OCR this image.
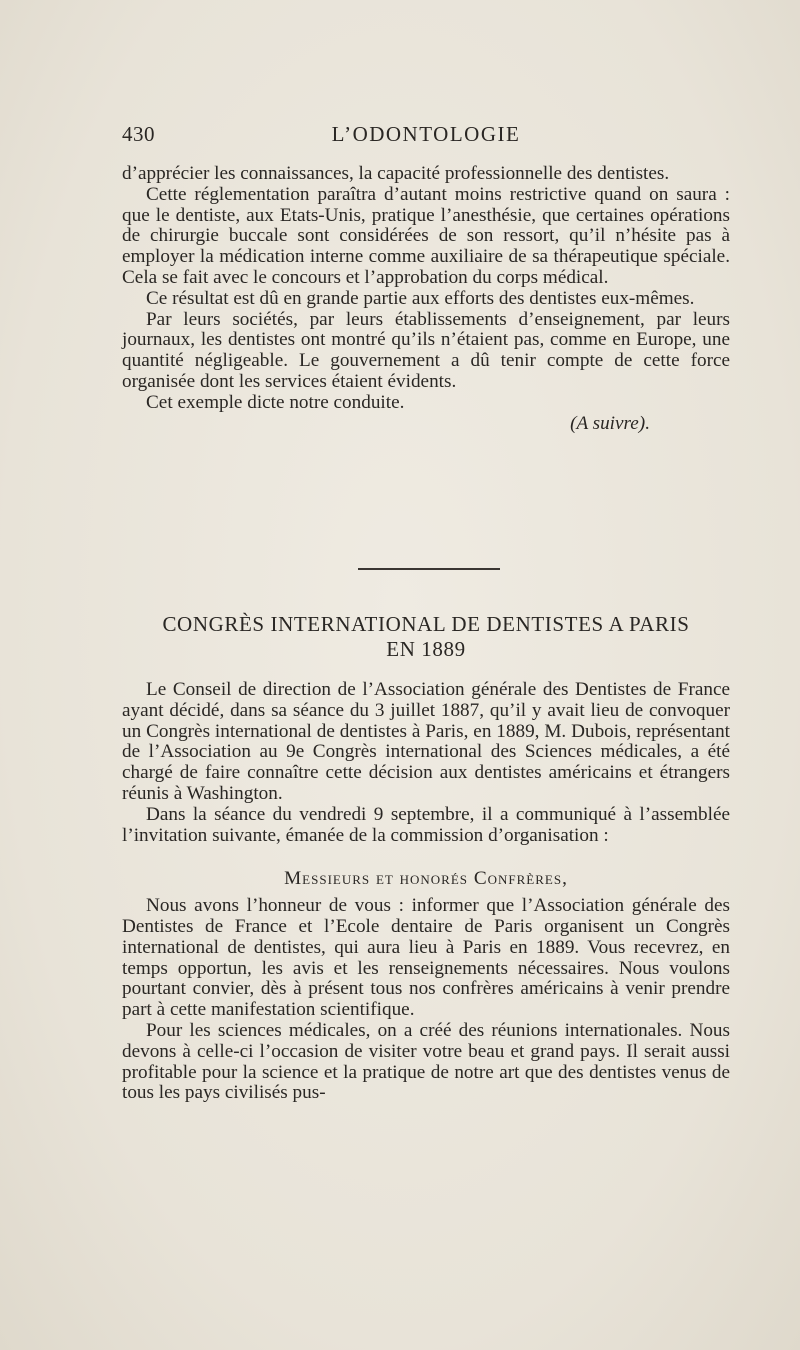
430	L’ODONTOLOGIE

d’apprécier les connaissances, la capacité professionnelle des dentistes.

Cette réglementation paraîtra d’autant moins restrictive quand on saura : que le dentiste, aux Etats-Unis, pratique l’anesthésie, que certaines opérations de chirurgie buccale sont considérées de son ressort, qu’il n’hésite pas à employer la médication interne comme auxiliaire de sa thérapeutique spéciale. Cela se fait avec le concours et l’approbation du corps médical.

Ce résultat est dû en grande partie aux efforts des dentistes eux-mêmes.

Par leurs sociétés, par leurs établissements d’enseignement, par leurs journaux, les dentistes ont montré qu’ils n’étaient pas, comme en Europe, une quantité négligeable. Le gouvernement a dû tenir compte de cette force organisée dont les services étaient évidents.

Cet exemple dicte notre conduite.

(A suivre).

CONGRÈS INTERNATIONAL DE DENTISTES A PARIS
EN 1889

Le Conseil de direction de l’Association générale des Dentistes de France ayant décidé, dans sa séance du 3 juillet 1887, qu’il y avait lieu de convoquer un Congrès international de dentistes à Paris, en 1889, M. Dubois, représentant de l’Association au 9e Congrès international des Sciences médicales, a été chargé de faire connaître cette décision aux dentistes américains et étrangers réunis à Washington.

Dans la séance du vendredi 9 septembre, il a communiqué à l’assemblée l’invitation suivante, émanée de la commission d’organisation :

Messieurs et honorés Confrères,

Nous avons l’honneur de vous : informer que l’Association générale des Dentistes de France et l’Ecole dentaire de Paris organisent un Congrès international de dentistes, qui aura lieu à Paris en 1889. Vous recevrez, en temps opportun, les avis et les renseignements nécessaires. Nous voulons pourtant convier, dès à présent tous nos confrères américains à venir prendre part à cette manifestation scientifique.

Pour les sciences médicales, on a créé des réunions internationales. Nous devons à celle-ci l’occasion de visiter votre beau et grand pays. Il serait aussi profitable pour la science et la pratique de notre art que des dentistes venus de tous les pays civilisés pus-
